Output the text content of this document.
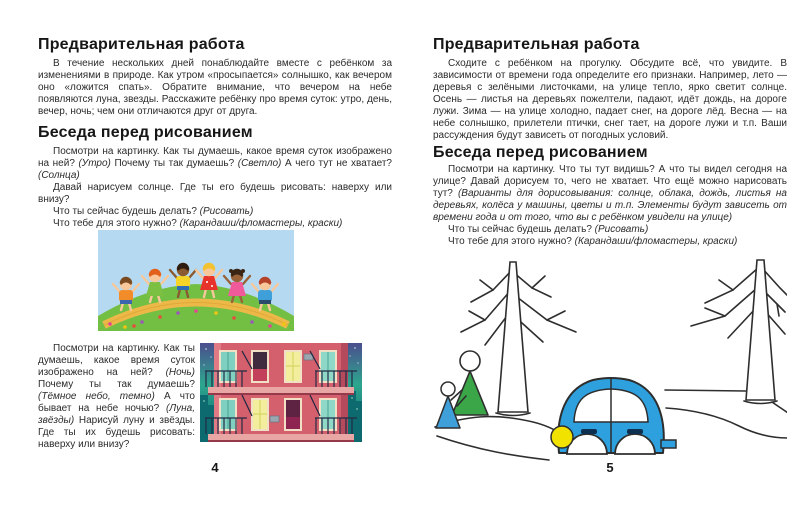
Предварительная работа

В течение нескольких дней понаблюдайте вместе с ребёнком за изменениями в природе. Как утром «просыпается» солнышко, как вечером оно «ложится спать». Обратите внимание, что вечером на небе появляются луна, звезды. Расскажите ребёнку про время суток: утро, день, вечер, ночь; чем они отличаются друг от друга.

Беседа перед рисованием

Посмотри на картинку. Как ты думаешь, какое время суток изображено на ней? (Утро) Почему ты так думаешь? (Светло) А чего тут не хватает? (Солнца)

Давай нарисуем солнце. Где ты его будешь рисовать: наверху или внизу?

Что ты сейчас будешь делать? (Рисовать)

Что тебе для этого нужно? (Карандаши/фломастеры, краски)

Посмотри на картинку. Как ты думаешь, какое время суток изображено на ней? (Ночь) Почему ты так думаешь? (Тёмное небо, темно) А что бывает на небе ночью? (Луна, звёзды) Нарисуй луну и звёзды. Где ты их будешь рисовать: наверху или внизу?

4
Предварительная работа

Сходите с ребёнком на прогулку. Обсудите всё, что увидите. В зависимости от времени года определите его признаки. Например, лето — деревья с зелёными листочками, на улице тепло, ярко светит солнце. Осень — листья на деревьях пожелтели, падают, идёт дождь, на дороге лужи. Зима — на улице холодно, падает снег, на дороге лёд. Весна — на небе солнышко, прилетели птички, снег тает, на дороге лужи и т.п. Ваши рассуждения будут зависеть от погодных условий.

Беседа перед рисованием

Посмотри на картинку. Что ты тут видишь? А что ты видел сегодня на улице? Давай дорисуем то, чего не хватает. Что ещё можно нарисовать тут? (Варианты для дорисовывания: солнце, облака, дождь, листья на деревьях, колёса у машины, цветы и т.п. Элементы будут зависеть от времени года и от того, что вы с ребёнком увидели на улице)

Что ты сейчас будешь делать? (Рисовать)

Что тебе для этого нужно? (Карандаши/фломастеры, краски)

5
